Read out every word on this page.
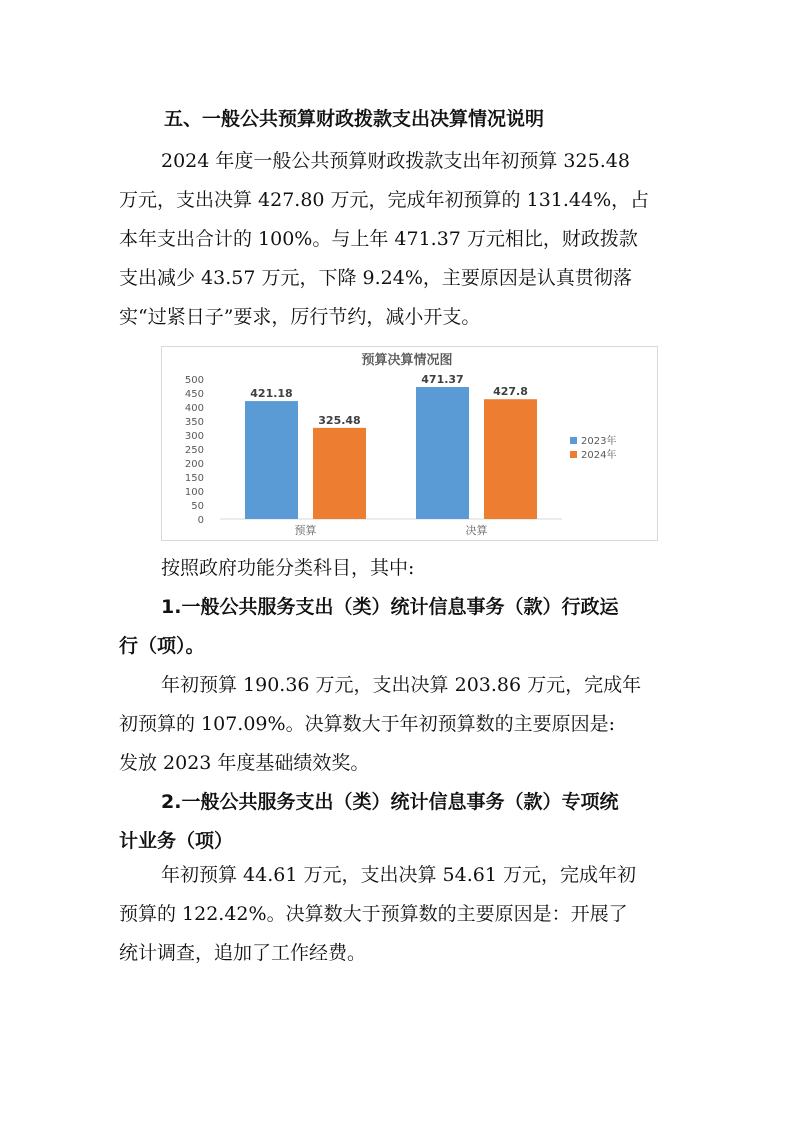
五、一般公共预算财政拨款支出决算情况说明
2024 年度一般公共预算财政拨款支出年初预算 325.48
万元，支出决算 427.80 万元，完成年初预算的 131.44%，占
本年支出合计的 100%。与上年 471.37 万元相比，财政拨款
支出减少 43.57 万元，下降 9.24%，主要原因是认真贯彻落
实“过紧日子”要求，厉行节约，减小开支。
预算决算情况图
0
50
100
150
200
250
300
350
400
450
500
421.18
325.48
471.37
427.8
预算	决算
2023年
2024年
按照政府功能分类科目，其中:
1.一般公共服务支出（类）统计信息事务（款）行政运
行（项）。
年初预算 190.36 万元，支出决算 203.86 万元，完成年
初预算的 107.09%。决算数大于年初预算数的主要原因是:
发放 2023 年度基础绩效奖。
2.一般公共服务支出（类）统计信息事务（款）专项统
计业务（项）
年初预算 44.61 万元，支出决算 54.61 万元，完成年初
预算的 122.42%。决算数大于预算数的主要原因是：开展了
统计调查，追加了工作经费。
